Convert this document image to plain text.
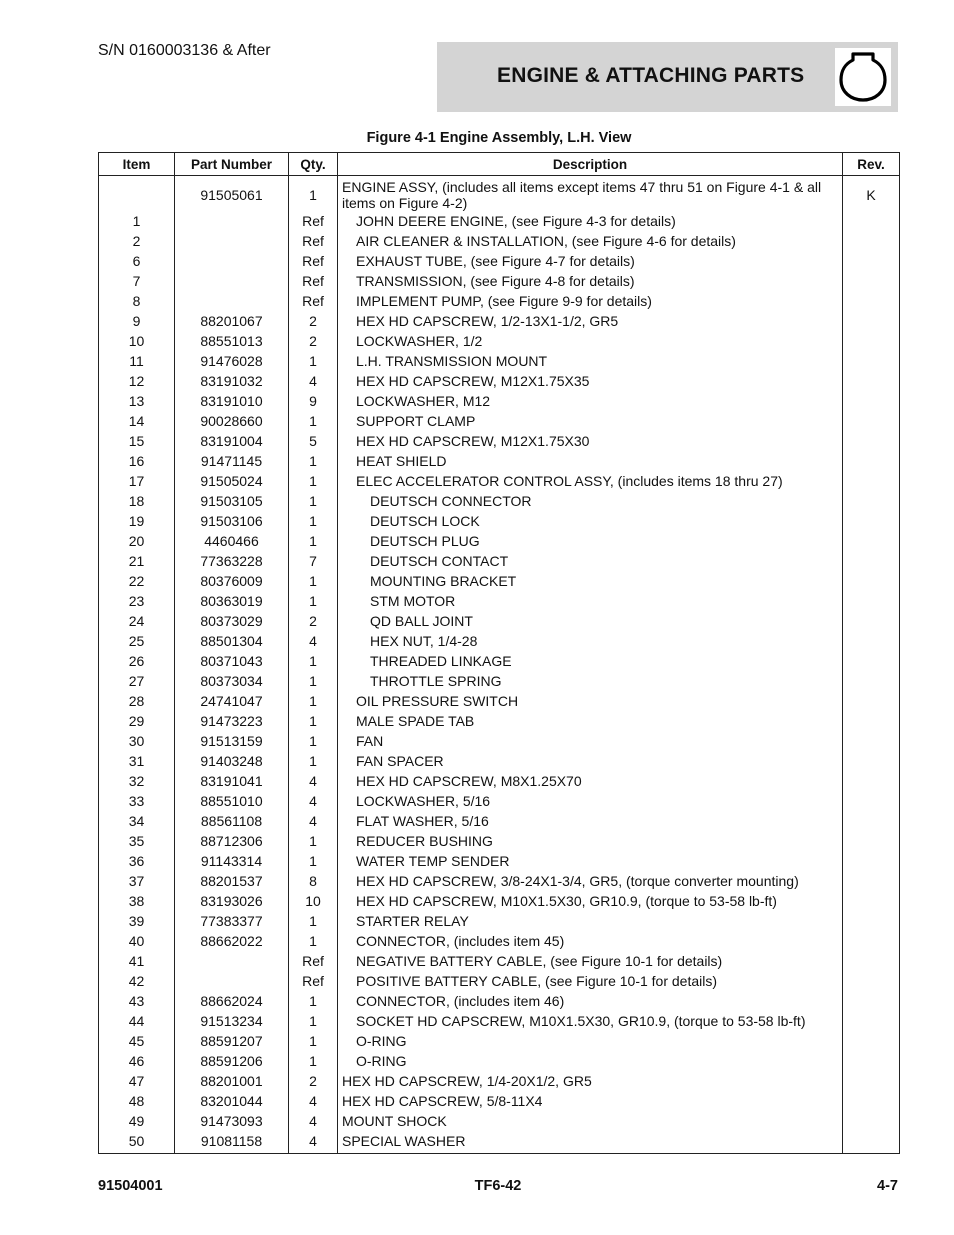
S/N 0160003136 & After
ENGINE & ATTACHING PARTS
Figure 4-1 Engine Assembly, L.H. View
Item	Part Number	Qty.	Description	Rev.
	91505061	1	ENGINE ASSY, (includes all items except items 47 thru 51 on Figure 4-1 & all items on Figure 4-2)	K
1		Ref	JOHN DEERE ENGINE, (see Figure 4-3 for details)	

2		Ref	AIR CLEANER & INSTALLATION, (see Figure 4-6 for details)	

6		Ref	EXHAUST TUBE, (see Figure 4-7 for details)	

7		Ref	TRANSMISSION, (see Figure 4-8 for details)	

8		Ref	IMPLEMENT PUMP, (see Figure 9-9 for details)	

9	88201067	2	HEX HD CAPSCREW, 1/2-13X1-1/2, GR5	

10	88551013	2	LOCKWASHER, 1/2	

11	91476028	1	L.H. TRANSMISSION MOUNT	

12	83191032	4	HEX HD CAPSCREW, M12X1.75X35	

13	83191010	9	LOCKWASHER, M12	

14	90028660	1	SUPPORT CLAMP	

15	83191004	5	HEX HD CAPSCREW, M12X1.75X30	

16	91471145	1	HEAT SHIELD	

17	91505024	1	ELEC ACCELERATOR CONTROL ASSY, (includes items 18 thru 27)	

18	91503105	1	DEUTSCH CONNECTOR	

19	91503106	1	DEUTSCH LOCK	

20	4460466	1	DEUTSCH PLUG	

21	77363228	7	DEUTSCH CONTACT	

22	80376009	1	MOUNTING BRACKET	

23	80363019	1	STM MOTOR	

24	80373029	2	QD BALL JOINT	

25	88501304	4	HEX NUT, 1/4-28	

26	80371043	1	THREADED LINKAGE	

27	80373034	1	THROTTLE SPRING	

28	24741047	1	OIL PRESSURE SWITCH	

29	91473223	1	MALE SPADE TAB	

30	91513159	1	FAN	

31	91403248	1	FAN SPACER	

32	83191041	4	HEX HD CAPSCREW, M8X1.25X70	

33	88551010	4	LOCKWASHER, 5/16	

34	88561108	4	FLAT WASHER, 5/16	

35	88712306	1	REDUCER BUSHING	

36	91143314	1	WATER TEMP SENDER	

37	88201537	8	HEX HD CAPSCREW, 3/8-24X1-3/4, GR5, (torque converter mounting)	

38	83193026	10	HEX HD CAPSCREW, M10X1.5X30, GR10.9, (torque to 53-58 lb-ft)	

39	77383377	1	STARTER RELAY	

40	88662022	1	CONNECTOR, (includes item 45)	

41		Ref	NEGATIVE BATTERY CABLE, (see Figure 10-1 for details)	

42		Ref	POSITIVE BATTERY CABLE, (see Figure 10-1 for details)	

43	88662024	1	CONNECTOR, (includes item 46)	

44	91513234	1	SOCKET HD CAPSCREW, M10X1.5X30, GR10.9, (torque to 53-58 lb-ft)	

45	88591207	1	O-RING	

46	88591206	1	O-RING	

47	88201001	2	HEX HD CAPSCREW, 1/4-20X1/2, GR5	

48	83201044	4	HEX HD CAPSCREW, 5/8-11X4	

49	91473093	4	MOUNT SHOCK	

50	91081158	4	SPECIAL WASHER	

91504001	TF6-42	4-7
